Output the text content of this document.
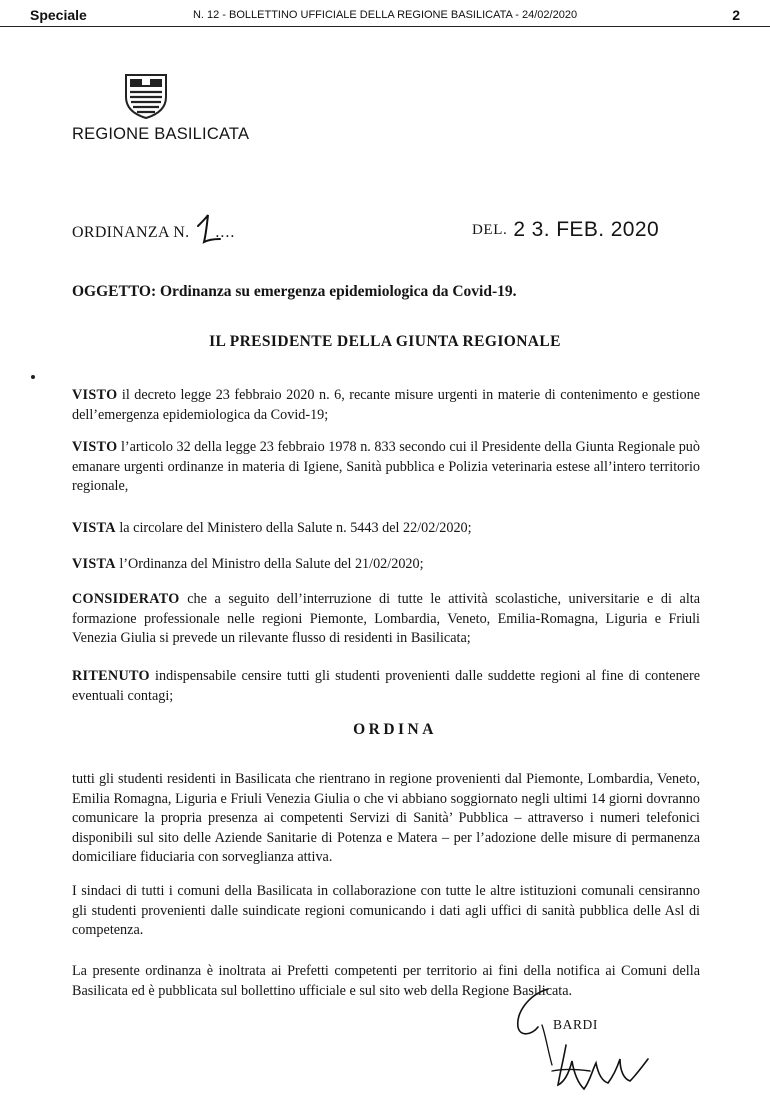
Speciale	N. 12 - BOLLETTINO UFFICIALE DELLA REGIONE BASILICATA - 24/02/2020	2
REGIONE BASILICATA
ORDINANZA N. ....	DEL. 2 3. FEB. 2020
OGGETTO: Ordinanza su emergenza epidemiologica da Covid-19.
IL PRESIDENTE DELLA GIUNTA REGIONALE
VISTO il decreto legge 23 febbraio 2020 n. 6, recante misure urgenti in materie di contenimento e gestione dell’emergenza epidemiologica da Covid-19;
VISTO l’articolo 32 della legge 23 febbraio 1978 n. 833 secondo cui il Presidente della Giunta Regionale può emanare urgenti ordinanze in materia di Igiene, Sanità pubblica e Polizia veterinaria estese all’intero territorio regionale,
VISTA la circolare del Ministero della Salute n. 5443 del 22/02/2020;
VISTA l’Ordinanza del Ministro della Salute del 21/02/2020;
CONSIDERATO che a seguito dell’interruzione di tutte le attività scolastiche, universitarie e di alta formazione professionale nelle regioni Piemonte, Lombardia, Veneto, Emilia-Romagna, Liguria e Friuli Venezia Giulia si prevede un rilevante flusso di residenti in Basilicata;
RITENUTO indispensabile censire tutti gli studenti provenienti dalle suddette regioni al fine di contenere eventuali contagi;
ORDINA
tutti gli studenti residenti in Basilicata che rientrano in regione provenienti dal Piemonte, Lombardia, Veneto, Emilia Romagna, Liguria e Friuli Venezia Giulia o che vi abbiano soggiornato negli ultimi 14 giorni dovranno comunicare la propria presenza ai competenti Servizi di Sanità’ Pubblica – attraverso i numeri telefonici disponibili sul sito delle Aziende Sanitarie di Potenza e Matera – per l’adozione delle misure di permanenza domiciliare fiduciaria con sorveglianza attiva.
I sindaci di tutti i comuni della Basilicata in collaborazione con tutte le altre istituzioni comunali censiranno gli studenti provenienti dalle suindicate regioni comunicando i dati agli uffici di sanità pubblica delle Asl di competenza.
La presente ordinanza è inoltrata ai Prefetti competenti per territorio ai fini della notifica ai Comuni della Basilicata ed è pubblicata sul bollettino ufficiale e sul sito web della Regione Basilicata.
BARDI
